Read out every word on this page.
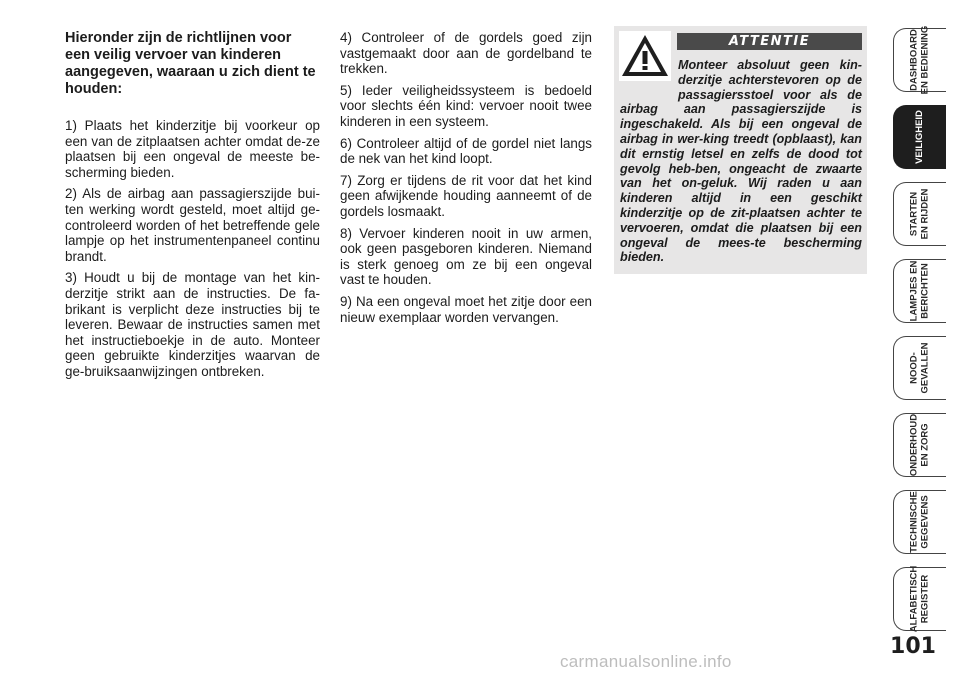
Hieronder zijn de richtlijnen voor een veilig vervoer van kinderen aangegeven, waaraan u zich dient te houden:

1) Plaats het kinderzitje bij voorkeur op een van de zitplaatsen achter omdat de-ze plaatsen bij een ongeval de meeste be-scherming bieden.

2) Als de airbag aan passagierszijde bui-ten werking wordt gesteld, moet altijd ge-controleerd worden of het betreffende gele lampje op het instrumentenpaneel continu brandt.

3) Houdt u bij de montage van het kin-derzitje strikt aan de instructies. De fa-brikant is verplicht deze instructies bij te leveren. Bewaar de instructies samen met het instructieboekje in de auto. Monteer geen gebruikte kinderzitjes waarvan de ge-bruiksaanwijzingen ontbreken.

4) Controleer of de gordels goed zijn vastgemaakt door aan de gordelband te trekken.

5) Ieder veiligheidssysteem is bedoeld voor slechts één kind: vervoer nooit twee kinderen in een systeem.

6) Controleer altijd of de gordel niet langs de nek van het kind loopt.

7) Zorg er tijdens de rit voor dat het kind geen afwijkende houding aanneemt of de gordels losmaakt.

8) Vervoer kinderen nooit in uw armen, ook geen pasgeboren kinderen. Niemand is sterk genoeg om ze bij een ongeval vast te houden.

9) Na een ongeval moet het zitje door een nieuw exemplaar worden vervangen.

ATTENTIE
Monteer absoluut geen kin-derzitje achterstevoren op de passagiersstoel voor als de airbag aan passagierszijde is ingeschakeld. Als bij een ongeval de airbag in wer-king treedt (opblaast), kan dit ernstig letsel en zelfs de dood tot gevolg heb-ben, ongeacht de zwaarte van het on-geluk. Wij raden u aan kinderen altijd in een geschikt kinderzitje op de zit-plaatsen achter te vervoeren, omdat die plaatsen bij een ongeval de mees-te bescherming bieden.
DASHBOARD
EN BEDIENING
VEILIGHEID
STARTEN
EN RIJDEN
LAMPJES EN
BERICHTEN
NOOD-
GEVALLEN
ONDERHOUD
EN ZORG
TECHNISCHE
GEGEVENS
ALFABETISCH
REGISTER
101
carmanualsonline.info
